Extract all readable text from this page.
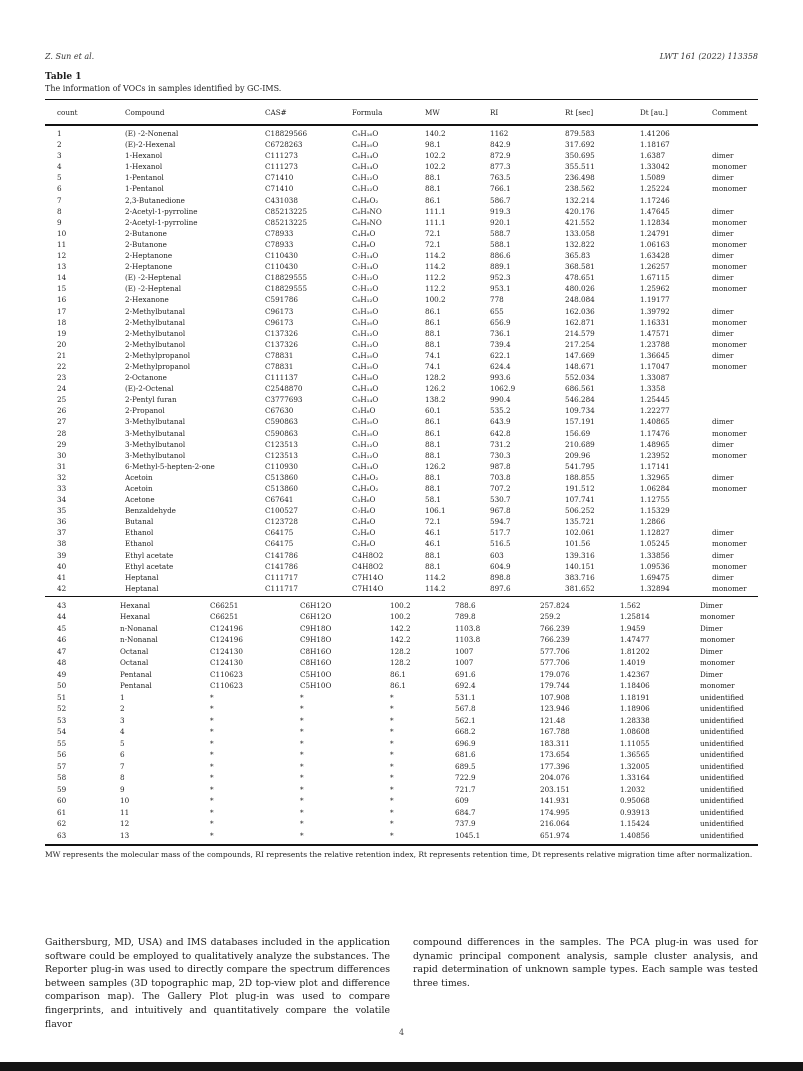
Z. Sun et al.	LWT 161 (2022) 113358
Table 1
The information of VOCs in samples identified by GC-IMS.
count	Compound	CAS#	Formula	MW	RI	Rt [sec]	Dt [au.]	Comment
1	(E) -2-Nonenal	C18829566	C₉H₁₆O	140.2	1162	879.583	1.41206	
2	(E)-2-Hexenal	C6728263	C₆H₁₀O	98.1	842.9	317.692	1.18167	
3	1-Hexanol	C111273	C₆H₁₄O	102.2	872.9	350.695	1.6387	dimer
4	1-Hexanol	C111273	C₆H₁₄O	102.2	877.3	355.511	1.33042	monomer
5	1-Pentanol	C71410	C₅H₁₂O	88.1	763.5	236.498	1.5089	dimer
6	1-Pentanol	C71410	C₅H₁₂O	88.1	766.1	238.562	1.25224	monomer
7	2,3-Butanedione	C431038	C₄H₆O₂	86.1	586.7	132.214	1.17246	
8	2-Acetyl-1-pyrroline	C85213225	C₆H₉NO	111.1	919.3	420.176	1.47645	dimer
9	2-Acetyl-1-pyrroline	C85213225	C₆H₉NO	111.1	920.1	421.552	1.12834	monomer
10	2-Butanone	C78933	C₄H₈O	72.1	588.7	133.058	1.24791	dimer
11	2-Butanone	C78933	C₄H₈O	72.1	588.1	132.822	1.06163	monomer
12	2-Heptanone	C110430	C₇H₁₄O	114.2	886.6	365.83	1.63428	dimer
13	2-Heptanone	C110430	C₇H₁₄O	114.2	889.1	368.581	1.26257	monomer
14	(E) -2-Heptenal	C18829555	C₇H₁₂O	112.2	952.3	478.651	1.67115	dimer
15	(E) -2-Heptenal	C18829555	C₇H₁₂O	112.2	953.1	480.026	1.25962	monomer
16	2-Hexanone	C591786	C₆H₁₂O	100.2	778	248.084	1.19177	
17	2-Methylbutanal	C96173	C₅H₁₀O	86.1	655	162.036	1.39792	dimer
18	2-Methylbutanal	C96173	C₅H₁₀O	86.1	656.9	162.871	1.16331	monomer
19	2-Methylbutanol	C137326	C₅H₁₂O	88.1	736.1	214.579	1.47571	dimer
20	2-Methylbutanol	C137326	C₅H₁₂O	88.1	739.4	217.254	1.23788	monomer
21	2-Methylpropanol	C78831	C₄H₁₀O	74.1	622.1	147.669	1.36645	dimer
22	2-Methylpropanol	C78831	C₄H₁₀O	74.1	624.4	148.671	1.17047	monomer
23	2-Octanone	C111137	C₈H₁₆O	128.2	993.6	552.034	1.33087	
24	(E)-2-Octenal	C2548870	C₈H₁₄O	126.2	1062.9	686.561	1.3358	
25	2-Pentyl furan	C3777693	C₉H₁₄O	138.2	990.4	546.284	1.25445	
26	2-Propanol	C67630	C₃H₈O	60.1	535.2	109.734	1.22277	
27	3-Methylbutanal	C590863	C₅H₁₀O	86.1	643.9	157.191	1.40865	dimer
28	3-Methylbutanal	C590863	C₅H₁₀O	86.1	642.8	156.69	1.17476	monomer
29	3-Methylbutanol	C123513	C₅H₁₂O	88.1	731.2	210.689	1.48965	dimer
30	3-Methylbutanol	C123513	C₅H₁₂O	88.1	730.3	209.96	1.23952	monomer
31	6-Methyl-5-hepten-2-one	C110930	C₈H₁₄O	126.2	987.8	541.795	1.17141	
32	Acetoin	C513860	C₄H₈O₂	88.1	703.8	188.855	1.32965	dimer
33	Acetoin	C513860	C₄H₈O₂	88.1	707.2	191.512	1.06284	monomer
34	Acetone	C67641	C₃H₆O	58.1	530.7	107.741	1.12755	
35	Benzaldehyde	C100527	C₇H₆O	106.1	967.8	506.252	1.15329	
36	Butanal	C123728	C₄H₈O	72.1	594.7	135.721	1.2866	
37	Ethanol	C64175	C₂H₆O	46.1	517.7	102.061	1.12827	dimer
38	Ethanol	C64175	C₂H₆O	46.1	516.5	101.56	1.05245	monomer
39	Ethyl acetate	C141786	C4H8O2	88.1	603	139.316	1.33856	dimer
40	Ethyl acetate	C141786	C4H8O2	88.1	604.9	140.151	1.09536	monomer
41	Heptanal	C111717	C7H14O	114.2	898.8	383.716	1.69475	dimer
42	Heptanal	C111717	C7H14O	114.2	897.6	381.652	1.32894	monomer
43	Hexanal	C66251	C6H12O	100.2	788.6	257.824	1.562	Dimer
44	Hexanal	C66251	C6H12O	100.2	789.8	259.2	1.25814	monomer
45	n-Nonanal	C124196	C9H18O	142.2	1103.8	766.239	1.9459	Dimer
46	n-Nonanal	C124196	C9H18O	142.2	1103.8	766.239	1.47477	monomer
47	Octanal	C124130	C8H16O	128.2	1007	577.706	1.81202	Dimer
48	Octanal	C124130	C8H16O	128.2	1007	577.706	1.4019	monomer
49	Pentanal	C110623	C5H10O	86.1	691.6	179.076	1.42367	Dimer
50	Pentanal	C110623	C5H10O	86.1	692.4	179.744	1.18406	monomer
51	1	*	*	*	531.1	107.908	1.18191	unidentified
52	2	*	*	*	567.8	123.946	1.18906	unidentified
53	3	*	*	*	562.1	121.48	1.28338	unidentified
54	4	*	*	*	668.2	167.788	1.08608	unidentified
55	5	*	*	*	696.9	183.311	1.11055	unidentified
56	6	*	*	*	681.6	173.654	1.36565	unidentified
57	7	*	*	*	689.5	177.396	1.32005	unidentified
58	8	*	*	*	722.9	204.076	1.33164	unidentified
59	9	*	*	*	721.7	203.151	1.2032	unidentified
60	10	*	*	*	609	141.931	0.95068	unidentified
61	11	*	*	*	684.7	174.995	0.93913	unidentified
62	12	*	*	*	737.9	216.064	1.15424	unidentified
63	13	*	*	*	1045.1	651.974	1.40856	unidentified
MW represents the molecular mass of the compounds, RI represents the relative retention index, Rt represents retention time, Dt represents relative migration time after normalization.
Gaithersburg, MD, USA) and IMS databases included in the application software could be employed to qualitatively analyze the substances. The Reporter plug-in was used to directly compare the spectrum differences between samples (3D topographic map, 2D top-view plot and difference comparison map). The Gallery Plot plug-in was used to compare fingerprints, and intuitively and quantitatively compare the volatile flavor
compound differences in the samples. The PCA plug-in was used for dynamic principal component analysis, sample cluster analysis, and rapid determination of unknown sample types. Each sample was tested three times.
4
